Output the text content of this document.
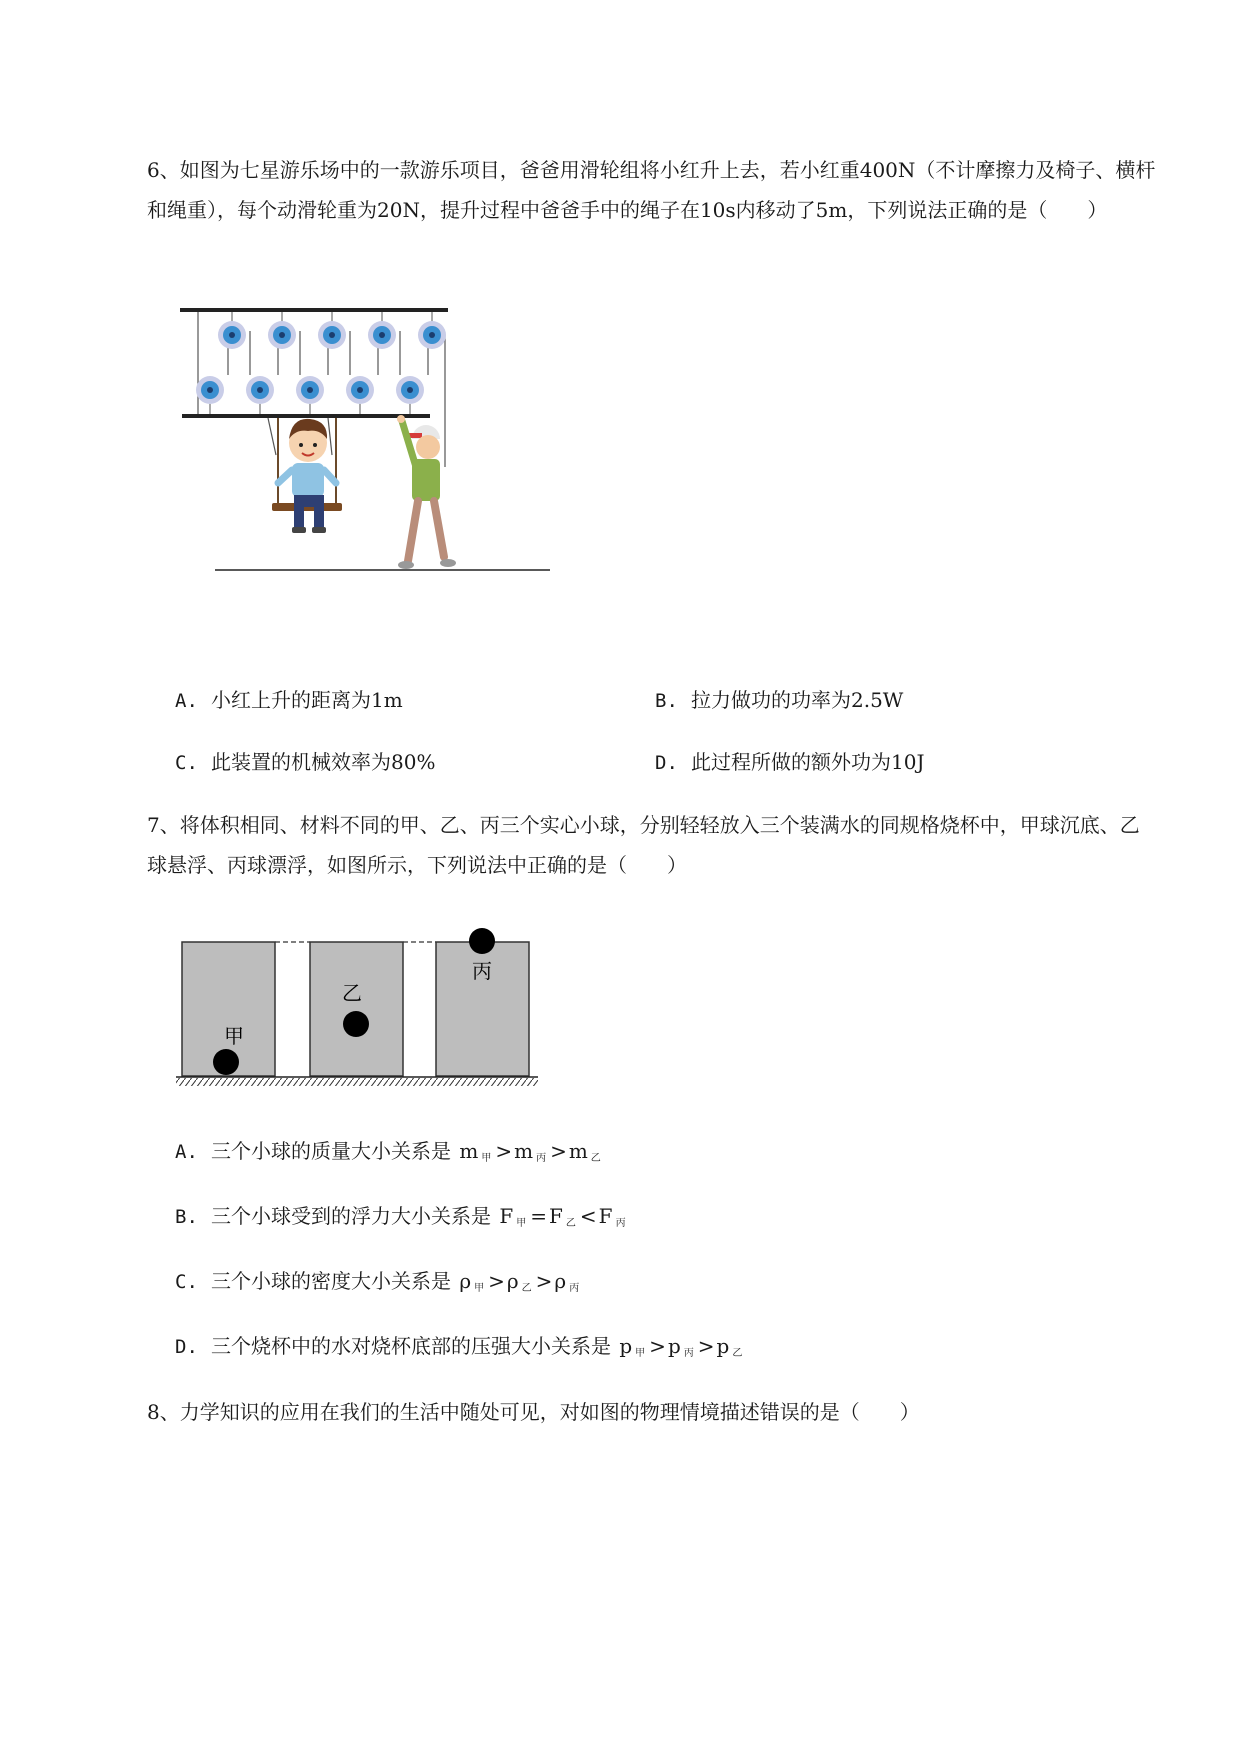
6、如图为七星游乐场中的一款游乐项目，爸爸用滑轮组将小红升上去，若小红重400N（不计摩擦力及椅子、横杆和绳重），每个动滑轮重为20N，提升过程中爸爸手中的绳子在10s内移动了5m，下列说法正确的是（　　）

A. 小红上升的距离为1m	B. 拉力做功的功率为2.5W
C. 此装置的机械效率为80%	D. 此过程所做的额外功为10J

7、将体积相同、材料不同的甲、乙、丙三个实心小球，分别轻轻放入三个装满水的同规格烧杯中，甲球沉底、乙球悬浮、丙球漂浮，如图所示，下列说法中正确的是（　　）

甲
乙
丙
A. 三个小球的质量大小关系是 m $_甲$ > m $_丙$ > m $_乙$
B. 三个小球受到的浮力大小关系是 F $_甲$ = F $_乙$ < F $_丙$
C. 三个小球的密度大小关系是 ρ $_甲$ > ρ $_乙$ > ρ $_丙$
D. 三个烧杯中的水对烧杯底部的压强大小关系是 p $_甲$ > p $_丙$ > p $_乙$

8、力学知识的应用在我们的生活中随处可见，对如图的物理情境描述错误的是（　　）
